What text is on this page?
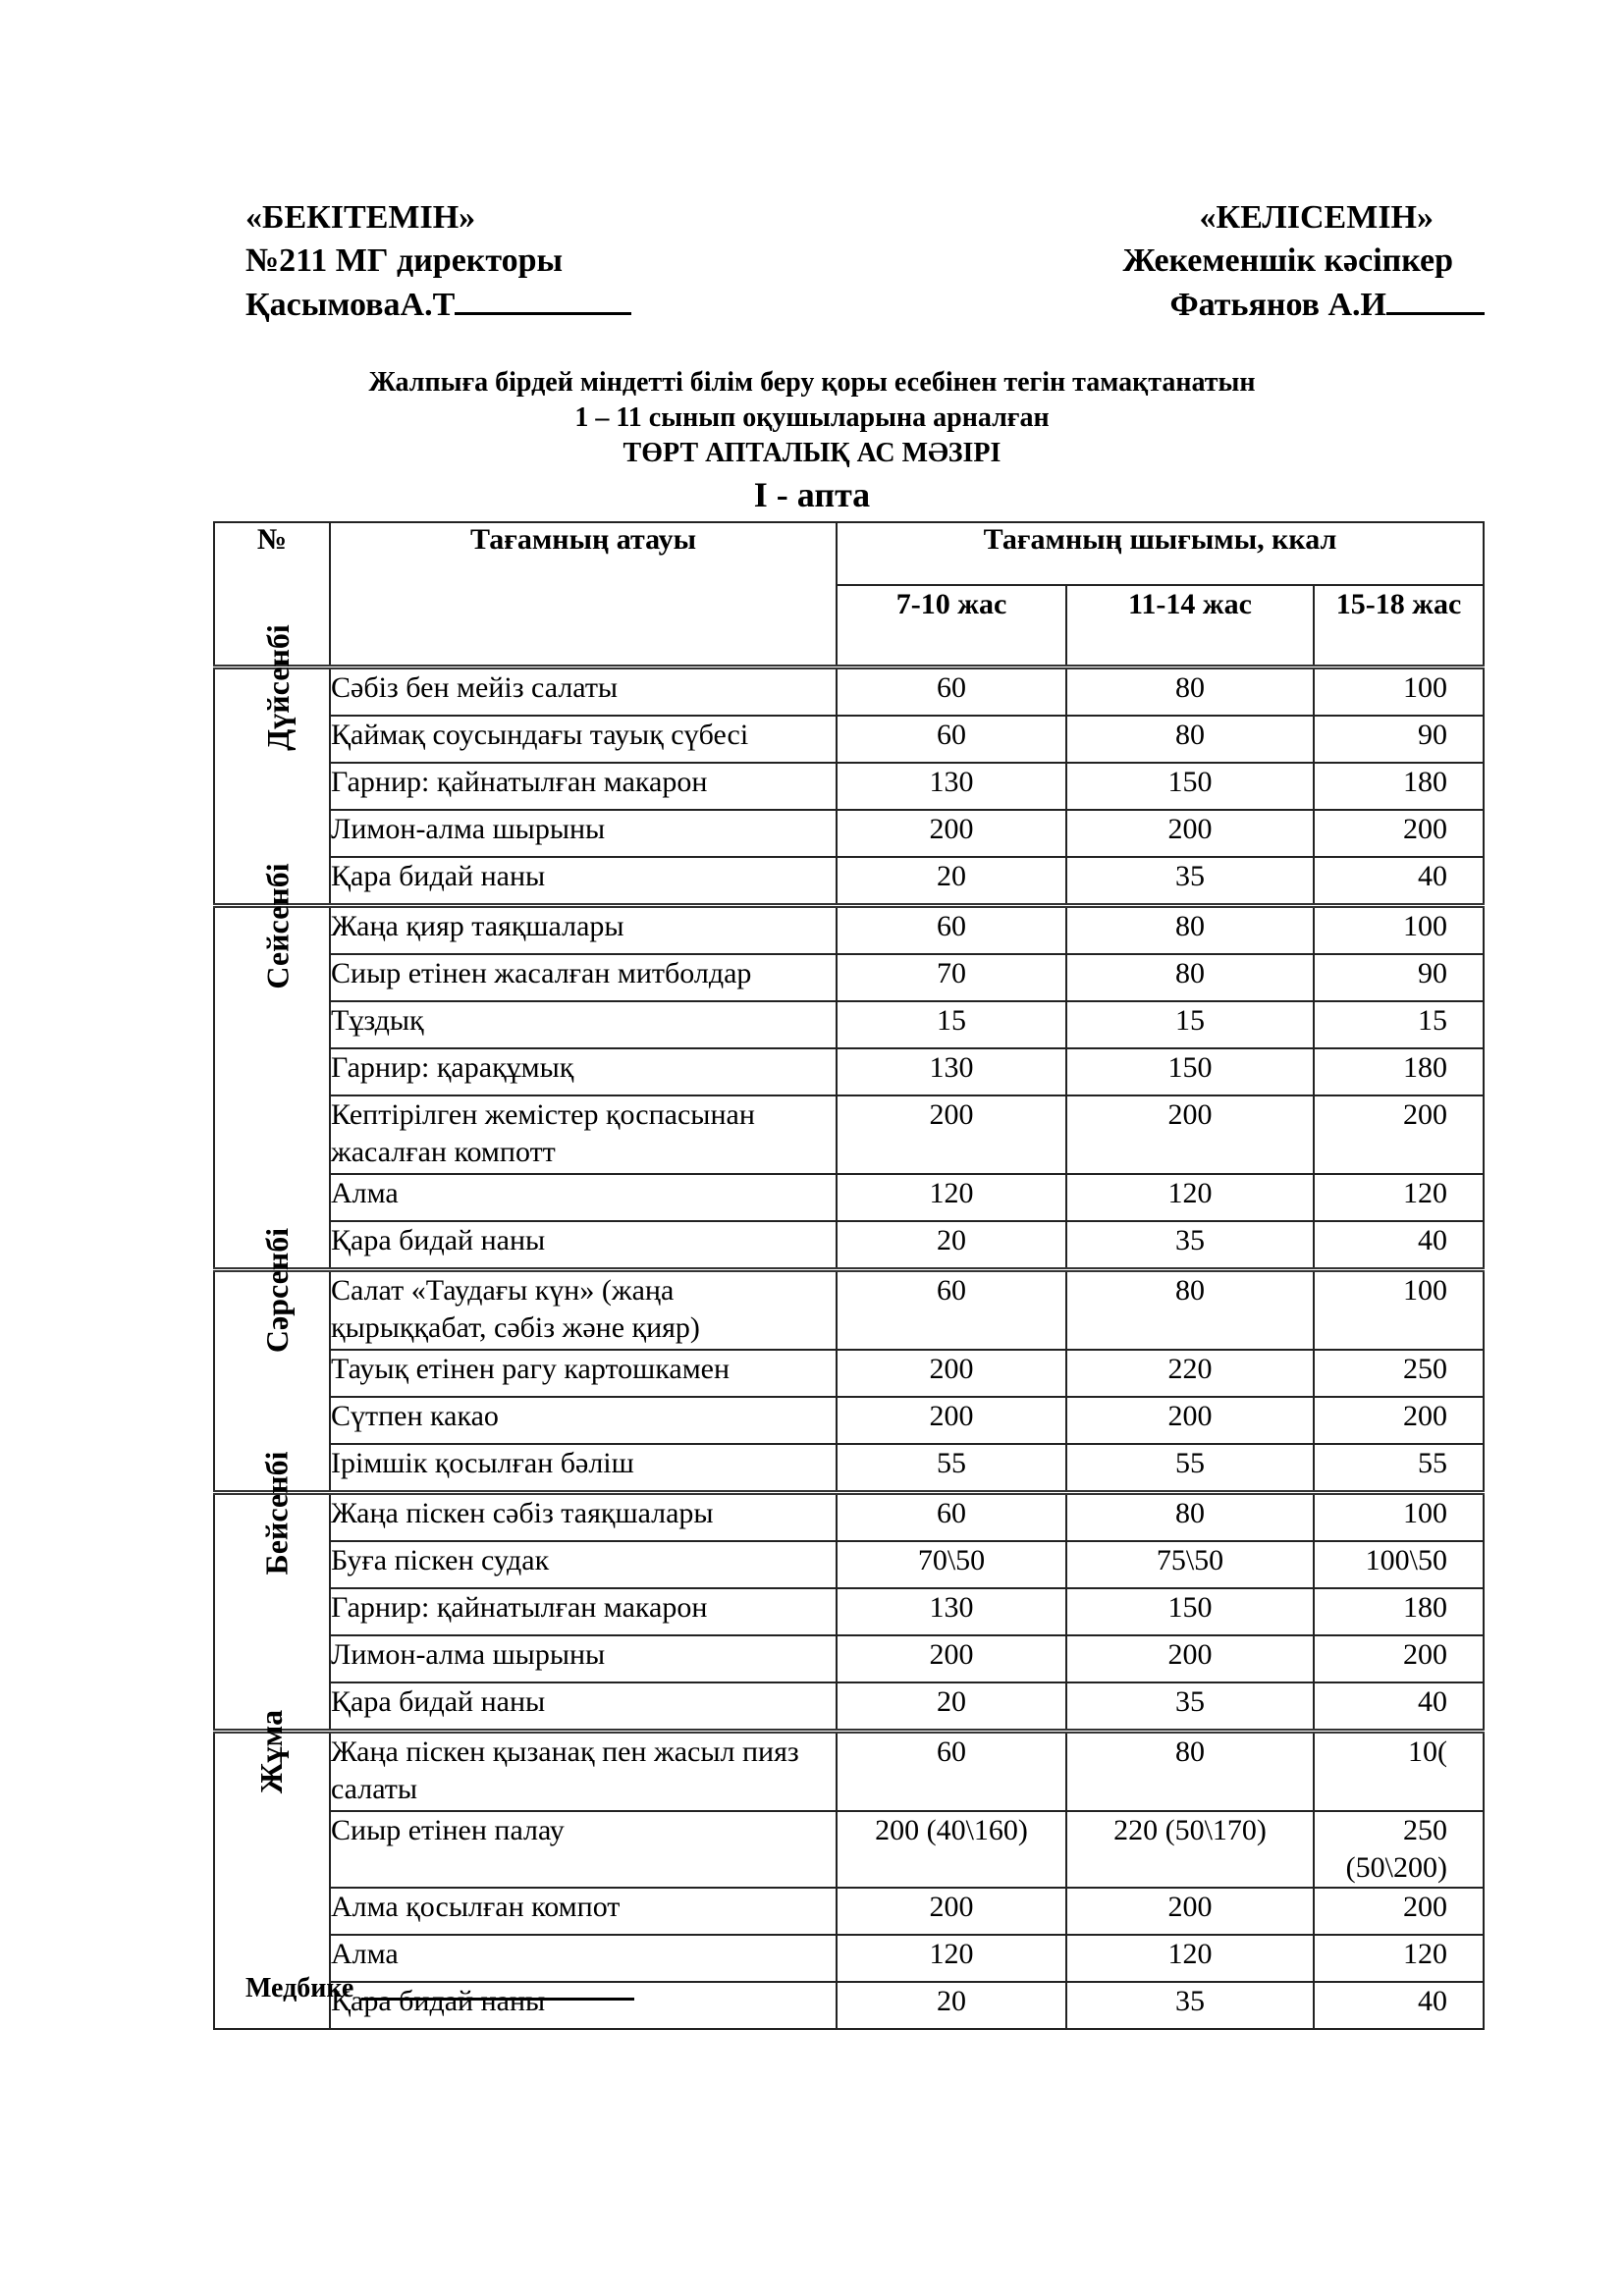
«БЕКІТЕМІН»
№211 МГ директоры
ҚасымоваА.Т
«КЕЛІСЕМІН»
Жекеменшік кәсіпкер
Фатьянов А.И
Жалпыға бірдей міндетті білім беру қоры есебінен тегін тамақтанатын
1 – 11 сынып оқушыларына арналған
ТӨРТ АПТАЛЫҚ АС МӘЗІРІ
І - апта
№	Тағамның атауы	Тағамның шығымы, ккал		
		7-10 жас	11-14 жас	15-18 жас
Дүйсенбі	Сәбіз бен мейіз салаты	60	80	100
	Қаймақ соусындағы тауық сүбесі	60	80	90
	Гарнир: қайнатылған макарон	130	150	180
	Лимон-алма шырыны	200	200	200
	Қара бидай наны	20	35	40
Сейсенбі	Жаңа қияр таяқшалары	60	80	100
	Сиыр етінен жасалған митболдар	70	80	90
	Тұздық	15	15	15
	Гарнир: қарақұмық	130	150	180
	Кептірілген жемістер қоспасынан жасалған компотт	200	200	200
	Алма	120	120	120
	Қара бидай наны	20	35	40
Сәрсенбі	Салат «Таудағы күн» (жаңа қырыққабат, сәбіз және қияр)	60	80	100
	Тауық етінен рагу картошкамен	200	220	250
	Сүтпен какао	200	200	200
	Ірімшік қосылған бәліш	55	55	55
Бейсенбі	Жаңа піскен сәбіз таяқшалары	60	80	100
	Буға піскен судак	70\50	75\50	100\50
	Гарнир: қайнатылған макарон	130	150	180
	Лимон-алма шырыны	200	200	200
	Қара бидай наны	20	35	40
Жұма	Жаңа піскен қызанақ пен жасыл пияз салаты	60	80	10(
	Сиыр етінен палау	200 (40\160)	220 (50\170)	250 (50\200)
	Алма қосылған компот	200	200	200
	Алма	120	120	120
	Қара бидай наны	20	35	40
Медбике
